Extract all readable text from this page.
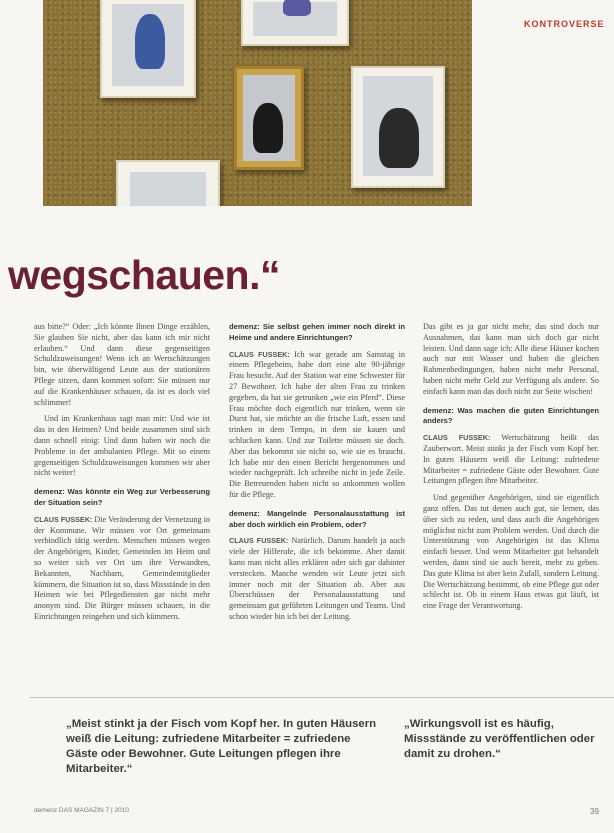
KONTROVERSE
wegschauen.“

aus bitte?“ Oder: „Ich könnte Ihnen Dinge erzählen, Sie glauben Sie nicht, aber das kann ich mir nicht erlauben.“ Und dann diese gegenseitigen Schuldzuweisungen! Wenn ich an Wertschätzungen bin, wie überwältigend Leute aus der stationären Pflege sitzen, dann kommen sofort: Sie müssen nur auf die Krankenhäuser schauen, da ist es doch viel schlimmer!

Und im Krankenhaus sagt man mir: Und wie ist das in den Heimen? Und beide zusammen sind sich dann schnell einig: Und dann haben wir noch die Probleme in der ambulanten Pflege. Mit so einem gegenseitigen Schuldzuweisungen kommen wir aber nicht weiter!

demenz: Was könnte ein Weg zur Verbesserung der Situation sein?

CLAUS FUSSEK: Die Veränderung der Vernetzung in der Kommune. Wir müssen vor Ort gemeinsam verbindlich tätig werden. Menschen müssen wegen der Angehörigen, Kinder, Gemeinden im Heim und so weiter sich ver Ort um ihre Verwandten, Bekannten, Nachbarn, Gemeindemitglieder kümmern, die Situation ist so, dass Missstände in den Heimen wie bei Pflegediensten gar nicht mehr anonym sind. Die Bürger müssen schauen, in die Einrichtungen reingehen und sich kümmern.

demenz: Sie selbst gehen immer noch direkt in Heime und andere Einrichtungen?

CLAUS FUSSEK: Ich war gerade am Samstag in einem Pflegeheim, habe dort eine alte 90-jährige Frau besucht. Auf der Station war eine Schwester für 27 Bewohner. Ich habe der alten Frau zu trinken gegeben, da hat sie getrunken „wie ein Pferd“. Diese Frau möchte doch eigentlich nur trinken, wenn sie Durst hat, sie möchte an die frische Luft, essen und trinken in dem Tempo, in dem sie kauen und schlucken kann. Und zur Toilette müssen sie doch. Aber das bekommt sie nicht so, wie sie es braucht. Ich habe mir den einen Bericht hergenommen und wieder nachgeprüft. Ich schreibe nicht in jede Zeile. Die Betreuenden haben nicht so ankommen wollen für die Pflege.

demenz: Mangelnde Personalausstattung ist aber doch wirklich ein Problem, oder?

CLAUS FUSSEK: Natürlich. Darum handelt ja auch viele der Hilferufe, die ich bekomme. Aber damit kann man nicht alles erklären oder sich gar dahinter verstecken. Manche wenden wir Leute jetzt sich immer noch mit der Situation ab. Aber aus Überschüssen der Personalausstattung und gemeinsam gut geführten Leitungen und Teams. Und schon wieder bin ich bei der Leitung.

Das gibt es ja gar nicht mehr, das sind doch nur Ausnahmen, das kann man sich doch gar nicht leisten. Und dann sage ich: Alle diese Häuser kochen auch nur mit Wasser und haben die gleichen Rahmenbedingungen, haben nicht mehr Personal, haben nicht mehr Geld zur Verfügung als andere. So einfach kann man das doch nicht zur Seite wischen!

demenz: Was machen die guten Einrichtungen anders?

CLAUS FUSSEK: Wertschätzung heißt das Zauberwort. Meist stinkt ja der Fisch vom Kopf her. In guten Häusern weiß die Leitung: zufriedene Mitarbeiter = zufriedene Gäste oder Bewohner. Gute Leitungen pflegen ihre Mitarbeiter.

Und gegenüber Angehörigen, sind sie eigentlich ganz offen. Das tut denen auch gut, sie lernen, das über sich zu reden, und dass auch die Angehörigen möglichst nicht zum Problem werden. Und durch die Unterstützung von Angehörigen ist das Klima einfach besser. Und wenn Mitarbeiter gut behandelt werden, dann sind sie auch bereit, mehr zu geben. Das gute Klima ist aber kein Zufall, sondern Leitung. Die Wertschätzung bestimmt, ob eine Pflege gut oder schlecht ist. Ob in einem Haus etwas gut läuft, ist eine Frage der Verantwortung.

„Meist stinkt ja der Fisch vom Kopf her. In guten Häusern weiß die Leitung: zufriedene Mitarbeiter = zufriedene Gäste oder Bewohner. Gute Leitungen pflegen ihre Mitarbeiter.“
„Wirkungsvoll ist es häufig, Missstände zu veröffentlichen oder damit zu drohen.“
demenz DAS MAGAZIN 7 | 2010	39
